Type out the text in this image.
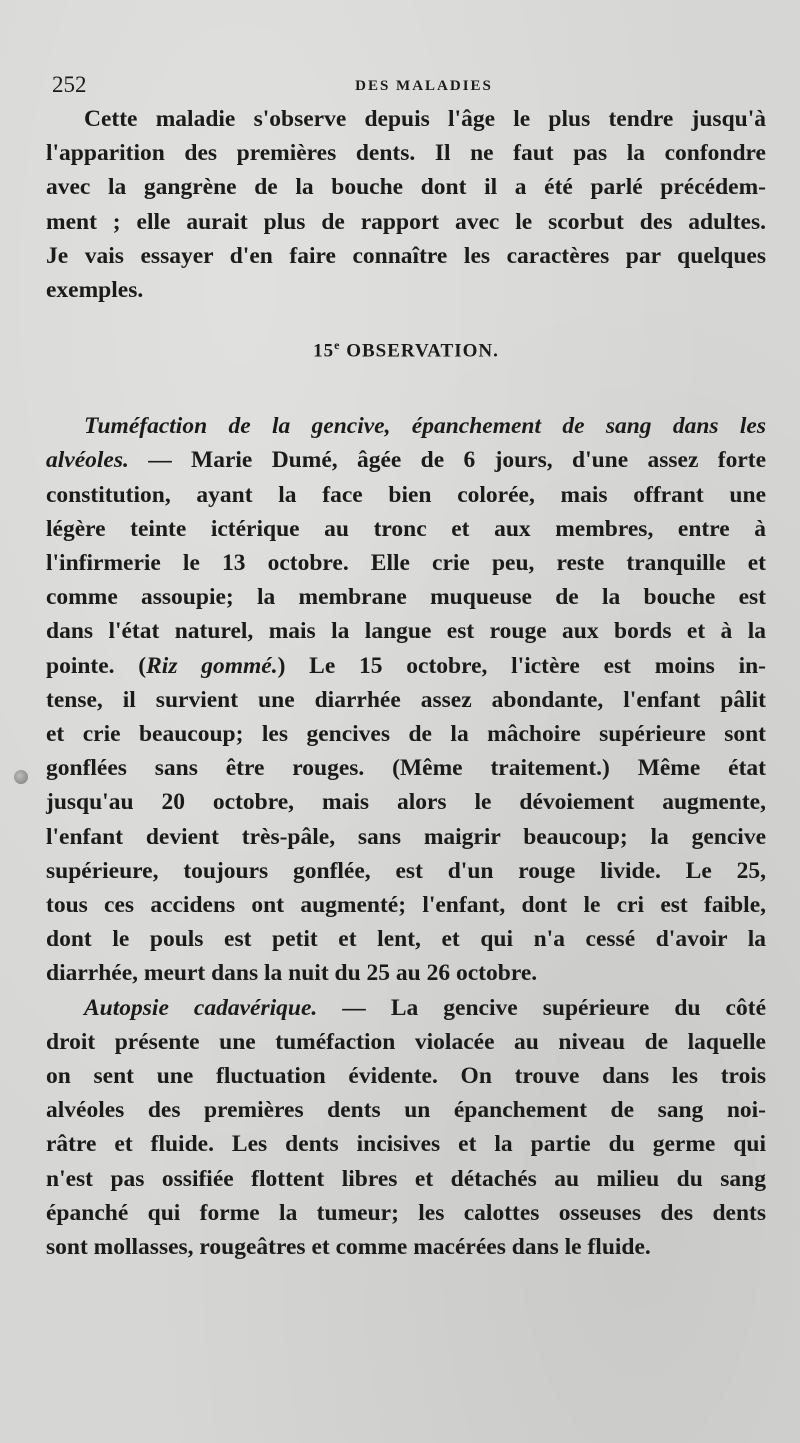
252	DES MALADIES

Cette maladie s'observe depuis l'âge le plus tendre jusqu'à
l'apparition des premières dents. Il ne faut pas la confondre
avec la gangrène de la bouche dont il a été parlé précédem-
ment ; elle aurait plus de rapport avec le scorbut des adultes.
Je vais essayer d'en faire connaître les caractères par quelques
exemples.

15e OBSERVATION.

Tuméfaction de la gencive, épanchement de sang dans les
alvéoles. — Marie Dumé, âgée de 6 jours, d'une assez forte
constitution, ayant la face bien colorée, mais offrant une
légère teinte ictérique au tronc et aux membres, entre à
l'infirmerie le 13 octobre. Elle crie peu, reste tranquille et
comme assoupie; la membrane muqueuse de la bouche est
dans l'état naturel, mais la langue est rouge aux bords et à la
pointe. (Riz gommé.) Le 15 octobre, l'ictère est moins in-
tense, il survient une diarrhée assez abondante, l'enfant pâlit
et crie beaucoup; les gencives de la mâchoire supérieure sont
gonflées sans être rouges. (Même traitement.) Même état
jusqu'au 20 octobre, mais alors le dévoiement augmente,
l'enfant devient très-pâle, sans maigrir beaucoup; la gencive
supérieure, toujours gonflée, est d'un rouge livide. Le 25,
tous ces accidens ont augmenté; l'enfant, dont le cri est faible,
dont le pouls est petit et lent, et qui n'a cessé d'avoir la
diarrhée, meurt dans la nuit du 25 au 26 octobre.

Autopsie cadavérique. — La gencive supérieure du côté
droit présente une tuméfaction violacée au niveau de laquelle
on sent une fluctuation évidente. On trouve dans les trois
alvéoles des premières dents un épanchement de sang noi-
râtre et fluide. Les dents incisives et la partie du germe qui
n'est pas ossifiée flottent libres et détachés au milieu du sang
épanché qui forme la tumeur; les calottes osseuses des dents
sont mollasses, rougeâtres et comme macérées dans le fluide.
